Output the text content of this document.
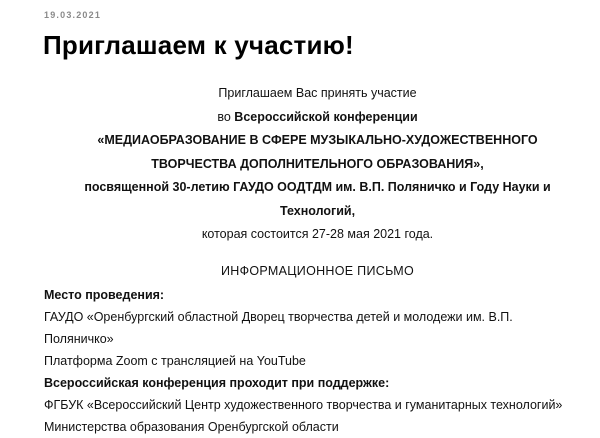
19.03.2021
Приглашаем к участию!
Приглашаем Вас принять участие
во Всероссийской конференции
«МЕДИАОБРАЗОВАНИЕ В СФЕРЕ МУЗЫКАЛЬНО-ХУДОЖЕСТВЕННОГО
ТВОРЧЕСТВА ДОПОЛНИТЕЛЬНОГО ОБРАЗОВАНИЯ»,
посвященной 30-летию ГАУДО ООДТДМ им. В.П. Поляничко и Году Науки и
Технологий,
которая состоится 27-28 мая 2021 года.
ИНФОРМАЦИОННОЕ ПИСЬМО
Место проведения:
ГАУДО «Оренбургский областной Дворец творчества детей и молодежи им. В.П.
Поляничко»
Платформа Zoom с трансляцией на YouTube
Всероссийская конференция проходит при поддержке:
ФГБУК «Всероссийский Центр художественного творчества и гуманитарных технологий»
Министерства образования Оренбургской области
